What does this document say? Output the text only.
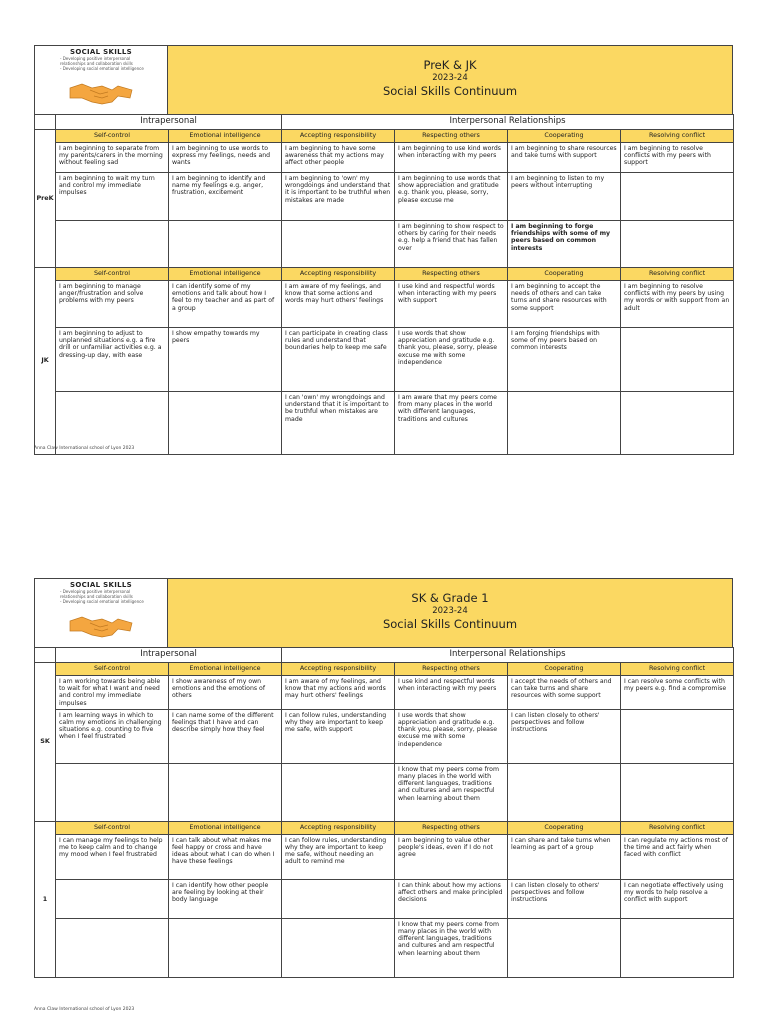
SOCIAL SKILLS
- Developing positive interpersonal
relationships and collaboration skills
- Developing social emotional intelligence	PreK & JK
2023-24
Social Skills Continuum
	Intrapersonal		Interpersonal Relationships			
PreK	Self-control	Emotional intelligence	Accepting responsibility	Respecting others	Cooperating	Resolving conflict
	I am beginning to separate from my parents/carers in the morning without feeling sad	I am beginning to use words to express my feelings, needs and wants	I am beginning to have some awareness that my actions may affect other people	I am beginning to use kind words when interacting with my peers	I am beginning to share resources and take turns with support	I am beginning to resolve conflicts with my peers with support
	I am beginning to wait my turn and control my immediate impulses	I am beginning to identify and name my feelings e.g. anger, frustration, excitement	I am beginning to 'own' my wrongdoings and understand that it is important to be truthful when mistakes are made	I am beginning to use words that show appreciation and gratitude e.g. thank you, please, sorry, please excuse me	I am beginning to listen to my peers without interrupting	
				I am beginning to show respect to others by caring for their needs e.g. help a friend that has fallen over	I am beginning to forge friendships with some of my peers based on common interests	
JK	Self-control	Emotional intelligence	Accepting responsibility	Respecting others	Cooperating	Resolving conflict
	I am beginning to manage anger/frustration and solve problems with my peers	I can identify some of my emotions and talk about how I feel to my teacher and as part of a group	I am aware of my feelings, and know that some actions and words may hurt others' feelings	I use kind and respectful words when interacting with my peers with support	I am beginning to accept the needs of others and can take turns and share resources with some support	I am beginning to resolve conflicts with my peers by using my words or with support from an adult
	I am beginning to adjust to unplanned situations e.g. a fire drill or unfamiliar activities e.g. a dressing-up day, with ease	I show empathy towards my peers	I can participate in creating class rules and understand that boundaries help to keep me safe	I use words that show appreciation and gratitude e.g. thank you, please, sorry, please excuse me with some independence	I am forging friendships with some of my peers based on common interests	
			I can 'own' my wrongdoings and understand that it is important to be truthful when mistakes are made	I am aware that my peers come from many places in the world with different languages, traditions and cultures		
Anna Claw International school of Lyon 2023
SOCIAL SKILLS
- Developing positive interpersonal
relationships and collaboration skills
- Developing social emotional intelligence	SK & Grade 1
2023-24
Social Skills Continuum
	Intrapersonal		Interpersonal Relationships			
SK	Self-control	Emotional intelligence	Accepting responsibility	Respecting others	Cooperating	Resolving conflict
	I am working towards being able to wait for what I want and need and control my immediate impulses	I show awareness of my own emotions and the emotions of others	I am aware of my feelings, and know that my actions and words may hurt others' feelings	I use kind and respectful words when interacting with my peers	I accept the needs of others and can take turns and share resources with some support	I can resolve some conflicts with my peers e.g. find a compromise
	I am learning ways in which to calm my emotions in challenging situations e.g. counting to five when I feel frustrated	I can name some of the different feelings that I have and can describe simply how they feel	I can follow rules, understanding why they are important to keep me safe, with support	I use words that show appreciation and gratitude e.g. thank you, please, sorry, please excuse me with some independence	I can listen closely to others' perspectives and follow instructions	
				I know that my peers come from many places in the world with different languages, traditions and cultures and am respectful when learning about them		
1	Self-control	Emotional intelligence	Accepting responsibility	Respecting others	Cooperating	Resolving conflict
	I can manage my feelings to help me to keep calm and to change my mood when I feel frustrated	I can talk about what makes me feel happy or cross and have ideas about what I can do when I have these feelings	I can follow rules, understanding why they are important to keep me safe, without needing an adult to remind me	I am beginning to value other people's ideas, even if I do not agree	I can share and take turns when learning as part of a group	I can regulate my actions most of the time and act fairly when faced with conflict
		I can identify how other people are feeling by looking at their body language		I can think about how my actions affect others and make principled decisions	I can listen closely to others' perspectives and follow instructions	I can negotiate effectively using my words to help resolve a conflict with support
				I know that my peers come from many places in the world with different languages, traditions and cultures and am respectful when learning about them		
Anna Claw International school of Lyon 2023
